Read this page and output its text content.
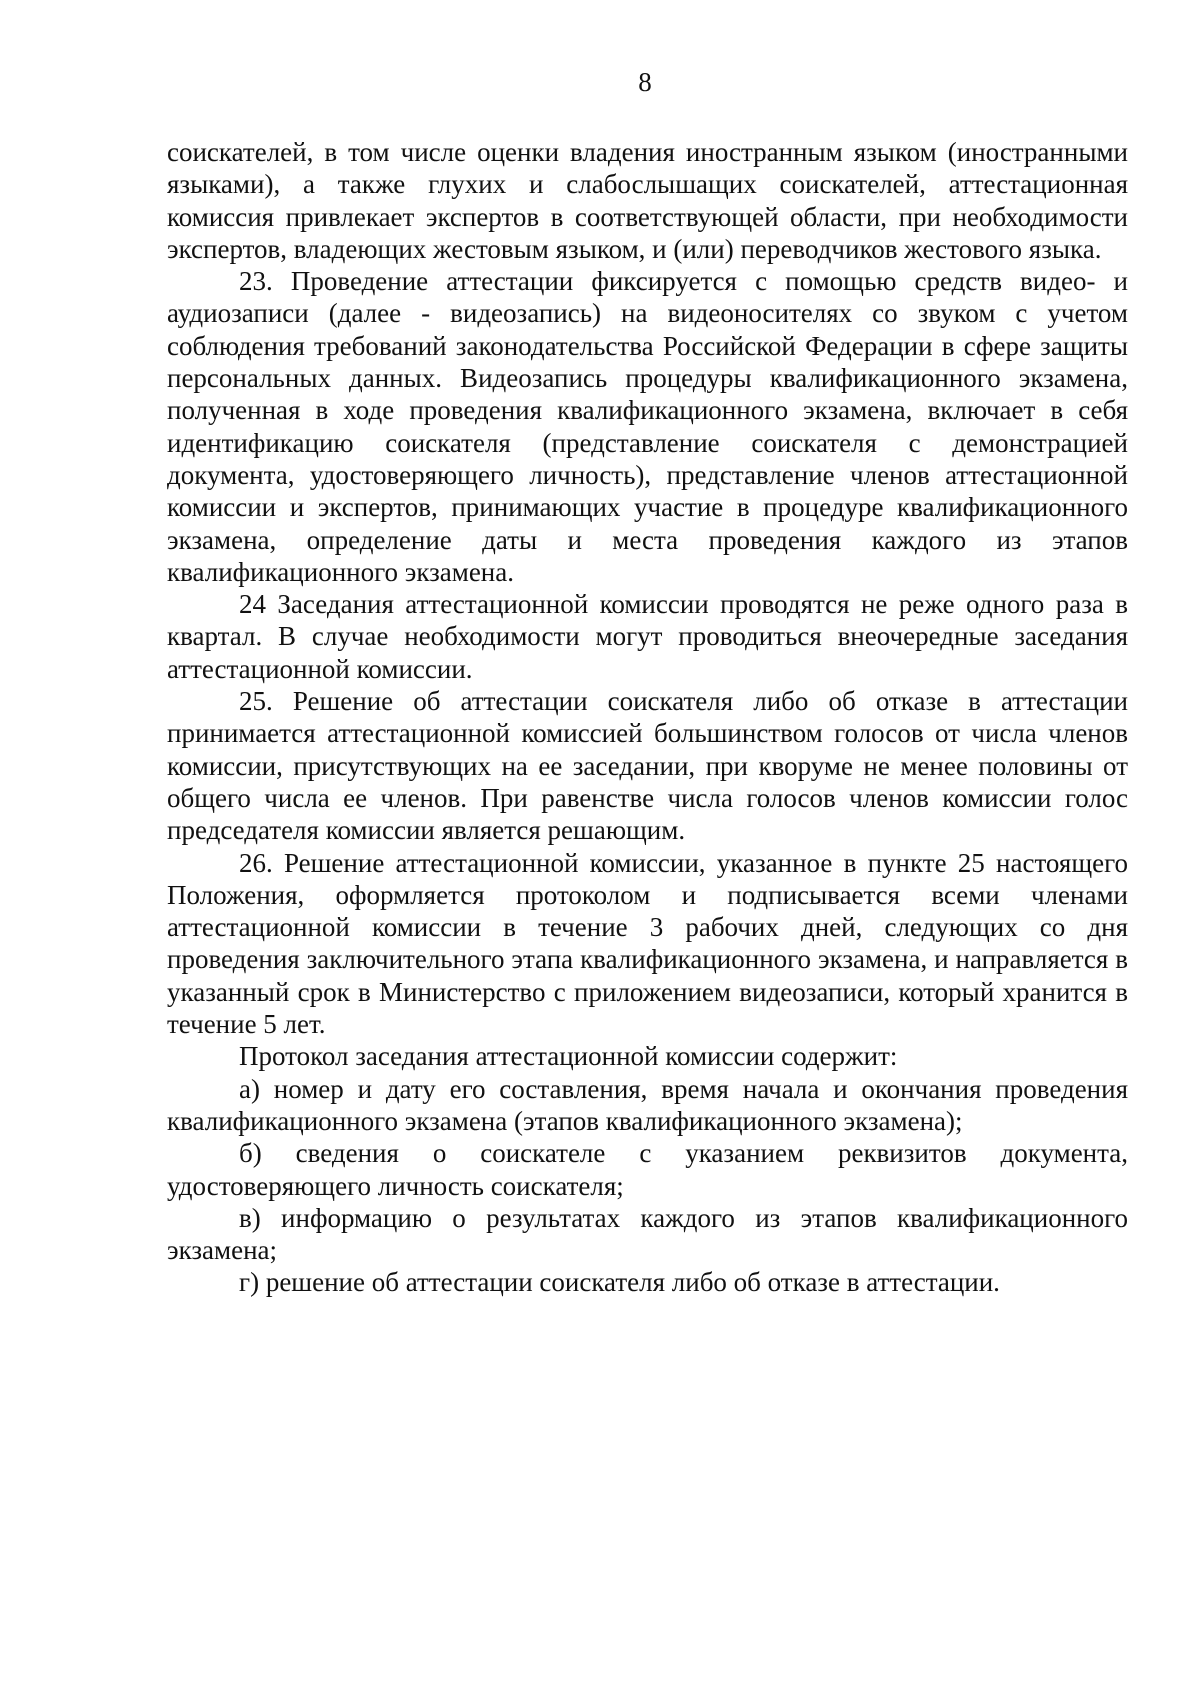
8

соискателей, в том числе оценки владения иностранным языком (иностранными языками), а также глухих и слабослышащих соискателей, аттестационная комиссия привлекает экспертов в соответствующей области, при необходимости экспертов, владеющих жестовым языком, и (или) переводчиков жестового языка.

23. Проведение аттестации фиксируется с помощью средств видео- и аудиозаписи (далее - видеозапись) на видеоносителях со звуком с учетом соблюдения требований законодательства Российской Федерации в сфере защиты персональных данных. Видеозапись процедуры квалификационного экзамена, полученная в ходе проведения квалификационного экзамена, включает в себя идентификацию соискателя (представление соискателя с демонстрацией документа, удостоверяющего личность), представление членов аттестационной комиссии и экспертов, принимающих участие в процедуре квалификационного экзамена, определение даты и места проведения каждого из этапов квалификационного экзамена.

24 Заседания аттестационной комиссии проводятся не реже одного раза в квартал. В случае необходимости могут проводиться внеочередные заседания аттестационной комиссии.

25. Решение об аттестации соискателя либо об отказе в аттестации принимается аттестационной комиссией большинством голосов от числа членов комиссии, присутствующих на ее заседании, при кворуме не менее половины от общего числа ее членов. При равенстве числа голосов членов комиссии голос председателя комиссии является решающим.

26. Решение аттестационной комиссии, указанное в пункте 25 настоящего Положения, оформляется протоколом и подписывается всеми членами аттестационной комиссии в течение 3 рабочих дней, следующих со дня проведения заключительного этапа квалификационного экзамена, и направляется в указанный срок в Министерство с приложением видеозаписи, который хранится в течение 5 лет.

Протокол заседания аттестационной комиссии содержит:

а) номер и дату его составления, время начала и окончания проведения квалификационного экзамена (этапов квалификационного экзамена);

б) сведения о соискателе с указанием реквизитов документа, удостоверяющего личность соискателя;

в) информацию о результатах каждого из этапов квалификационного экзамена;

г) решение об аттестации соискателя либо об отказе в аттестации.
